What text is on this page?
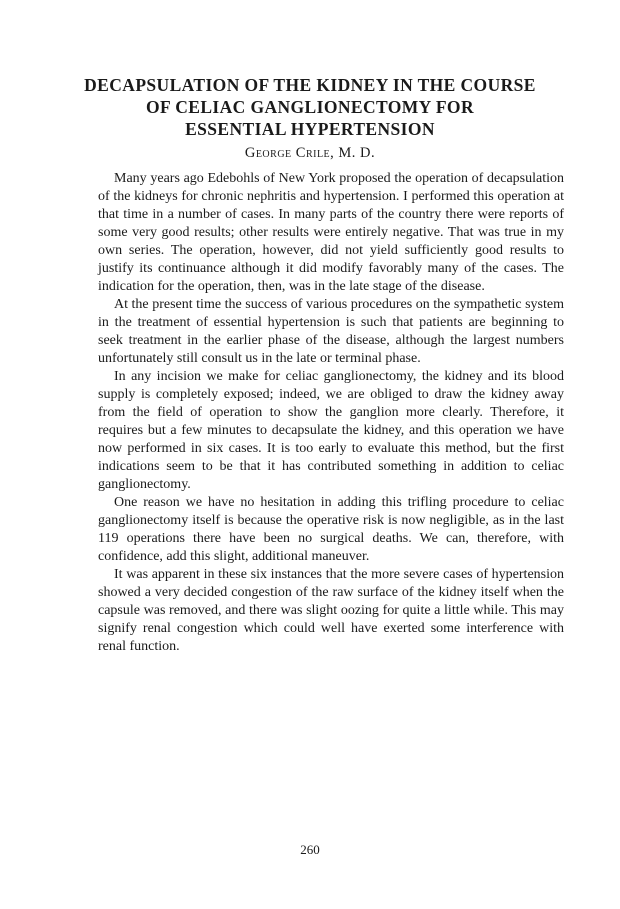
DECAPSULATION OF THE KIDNEY IN THE COURSE
OF CELIAC GANGLIONECTOMY FOR
ESSENTIAL HYPERTENSION

George Crile, M. D.

Many years ago Edebohls of New York proposed the operation of decapsulation of the kidneys for chronic nephritis and hypertension. I performed this operation at that time in a number of cases. In many parts of the country there were reports of some very good results; other results were entirely negative. That was true in my own series. The operation, however, did not yield sufficiently good results to justify its continuance although it did modify favorably many of the cases. The indication for the operation, then, was in the late stage of the disease.

At the present time the success of various procedures on the sympathetic system in the treatment of essential hypertension is such that patients are beginning to seek treatment in the earlier phase of the disease, although the largest numbers unfortunately still consult us in the late or terminal phase.

In any incision we make for celiac ganglionectomy, the kidney and its blood supply is completely exposed; indeed, we are obliged to draw the kidney away from the field of operation to show the ganglion more clearly. Therefore, it requires but a few minutes to decapsulate the kidney, and this operation we have now performed in six cases. It is too early to evaluate this method, but the first indications seem to be that it has contributed something in addition to celiac ganglionectomy.

One reason we have no hesitation in adding this trifling procedure to celiac ganglionectomy itself is because the operative risk is now negligible, as in the last 119 operations there have been no surgical deaths. We can, therefore, with confidence, add this slight, additional maneuver.

It was apparent in these six instances that the more severe cases of hypertension showed a very decided congestion of the raw surface of the kidney itself when the capsule was removed, and there was slight oozing for quite a little while. This may signify renal congestion which could well have exerted some interference with renal function.

260
